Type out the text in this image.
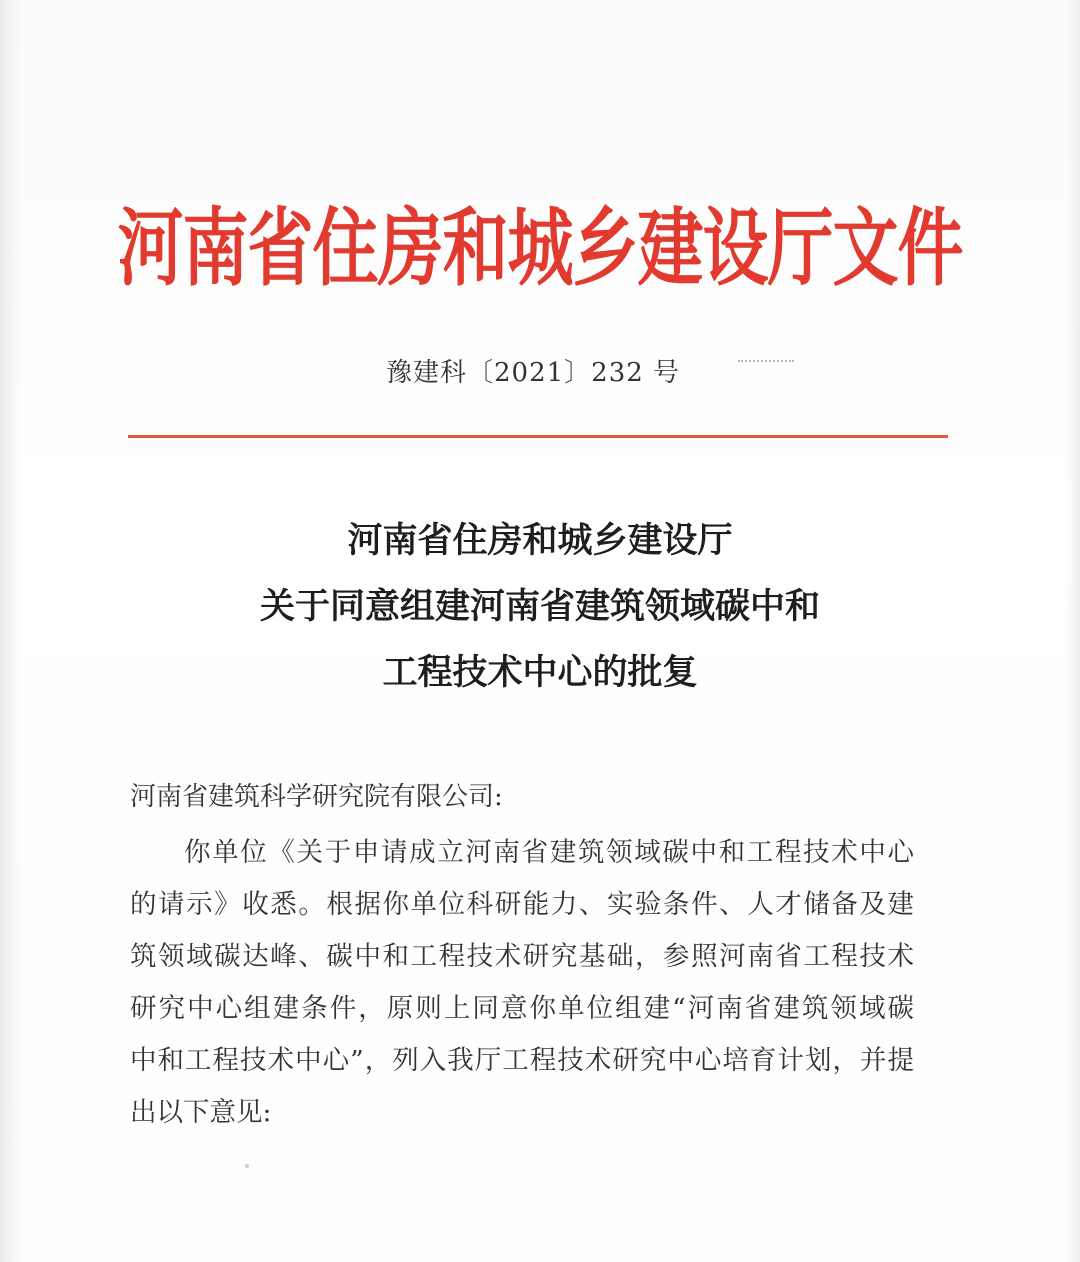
河南省住房和城乡建设厅文件
豫建科〔2021〕232 号
河南省住房和城乡建设厅
关于同意组建河南省建筑领域碳中和
工程技术中心的批复
河南省建筑科学研究院有限公司:
你单位《关于申请成立河南省建筑领域碳中和工程技术中心
的请示》收悉。根据你单位科研能力、实验条件、人才储备及建
筑领域碳达峰、碳中和工程技术研究基础，参照河南省工程技术
研究中心组建条件，原则上同意你单位组建“河南省建筑领域碳
中和工程技术中心”，列入我厅工程技术研究中心培育计划，并提
出以下意见:
